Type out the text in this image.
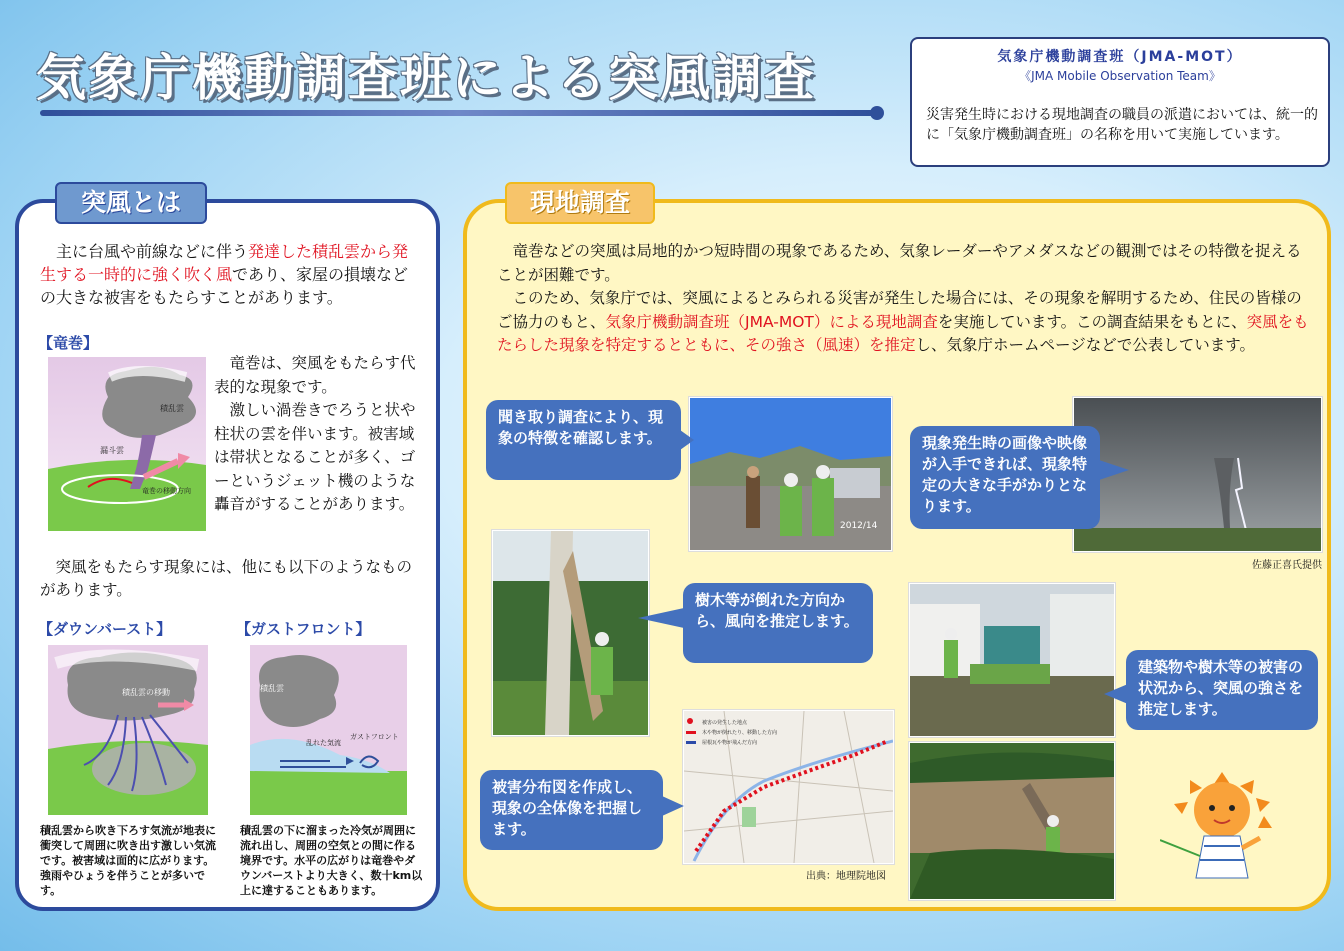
気象庁機動調査班による突風調査	気象庁機動調査班（JMA-MOT）
《JMA Mobile Observation Team》
災害発生時における現地調査の職員の派遣においては、統一的に「気象庁機動調査班」の名称を用いて実施しています。
突風とは
 主に台風や前線などに伴う発達した積乱雲から発生する一時的に強く吹く風であり、家屋の損壊などの大きな被害をもたらすことがあります。
【竜巻】
積乱雲
漏斗雲
竜巻の移動方向
 竜巻は、突風をもたらす代表的な現象です。
 激しい渦巻きでろうと状や柱状の雲を伴います。被害域は帯状となることが多く、ゴーというジェット機のような轟音がすることがあります。
 突風をもたらす現象には、他にも以下のようなものがあります。
【ダウンバースト】
積乱雲の移動
積乱雲から吹き下ろす気流が地表に衝突して周囲に吹き出す激しい気流です。被害域は面的に広がります。強雨やひょうを伴うことが多いです。
【ガストフロント】
積乱雲
乱れた気流
ガストフロント
積乱雲の下に溜まった冷気が周囲に流れ出し、周囲の空気との間に作る境界です。水平の広がりは竜巻やダウンバーストより大きく、数十km以上に達することもあります。
現地調査
 竜巻などの突風は局地的かつ短時間の現象であるため、気象レーダーやアメダスなどの観測ではその特徴を捉えることが困難です。
 このため、気象庁では、突風によるとみられる災害が発生した場合には、その現象を解明するため、住民の皆様のご協力のもと、気象庁機動調査班（JMA-MOT）による現地調査を実施しています。この調査結果をもとに、突風をもたらした現象を特定するとともに、その強さ（風速）を推定し、気象庁ホームページなどで公表しています。
2012/14
聞き取り調査により、現象の特徴を確認します。
佐藤正喜氏提供
現象発生時の画像や映像が入手できれば、現象特定の大きな手がかりとなります。
樹木等が倒れた方向から、風向を推定します。
建築物や樹木等の被害の状況から、突風の強さを推定します。
被害の発生した地点
木や物が倒れたり、移動した方向
屋根瓦や物が飛んだ方向
出典：地理院地図
被害分布図を作成し、現象の全体像を把握します。
